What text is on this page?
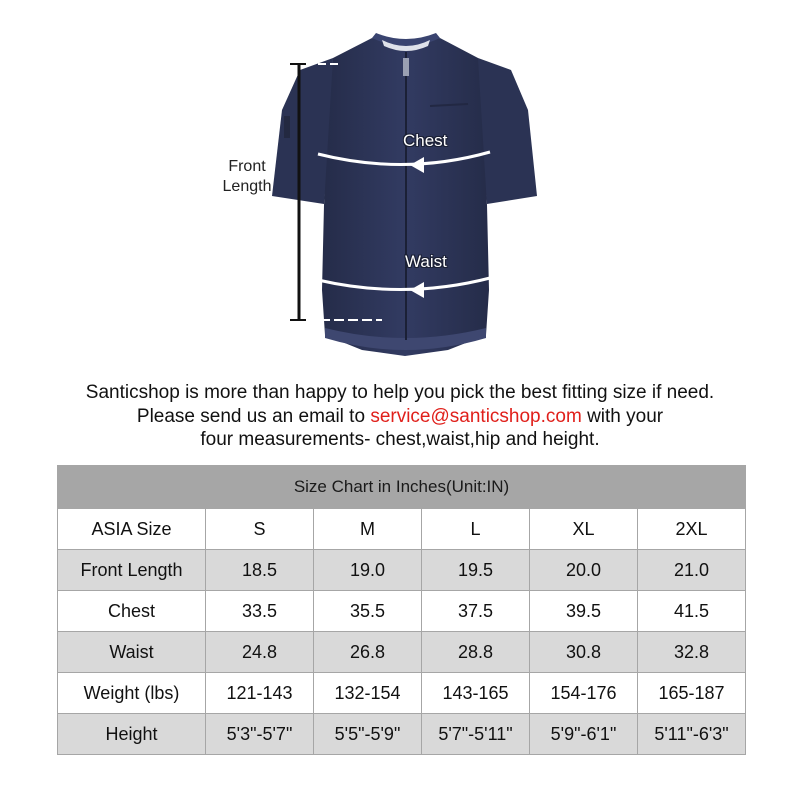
Front
Length
Chest
Waist
Santicshop is more than happy to help you pick the best fitting size if need.
Please send us an email to service@santicshop.com with your
four measurements- chest,waist,hip and height.
Size Chart in Inches(Unit:IN)					
ASIA Size	S	M	L	XL	2XL
Front Length	18.5	19.0	19.5	20.0	21.0
Chest	33.5	35.5	37.5	39.5	41.5
Waist	24.8	26.8	28.8	30.8	32.8
Weight (lbs)	121-143	132-154	143-165	154-176	165-187
Height	5'3"-5'7"	5'5"-5'9"	5'7"-5'11"	5'9"-6'1"	5'11"-6'3"
